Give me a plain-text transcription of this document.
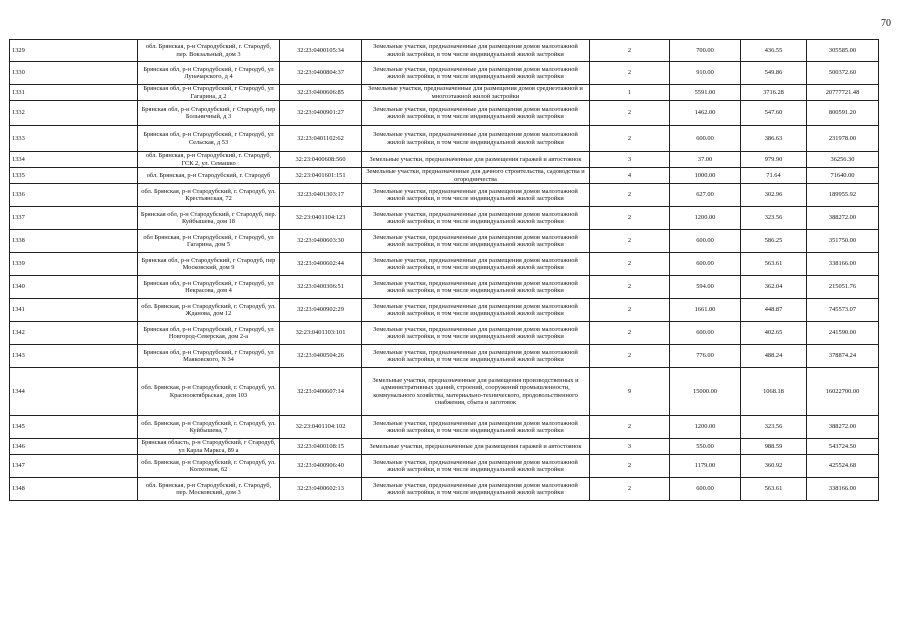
70
1329	обл. Брянская, р-н Стародубский, г. Стародуб, пер. Вокзальный, дом 3	32:23:0400105:34	Земельные участки, предназначенные для размещения домов малоэтажной жилой застройки, в том числе индивидуальной жилой застройки	2	700.00	436.55	305585.00
1330	Брянская обл, р-н Стародубский, г Стародуб, ул Луначарского, д 4	32:23:0400804:37	Земельные участки, предназначенные для размещения домов малоэтажной жилой застройки, в том числе индивидуальной жилой застройки	2	910.00	549.86	500372.60
1331	Брянская обл, р-н Стародубский, г Стародуб, ул Гагарина, д 2	32:23:0400606:85	Земельные участки, предназначенные для размещения домов среднеэтажной и многоэтажной жилой застройки	1	5591.00	3716.28	20777721.48
1332	Брянская обл, р-н Стародубский, г Стародуб, пер Больничный, д 3	32:23:0400901:27	Земельные участки, предназначенные для размещения домов малоэтажной жилой застройки, в том числе индивидуальной жилой застройки	2	1462.00	547.60	800591.20
1333	Брянская обл, р-н Стародубский, г Стародуб, ул Сельская, д 53	32:23:0401102:62	Земельные участки, предназначенные для размещения домов малоэтажной жилой застройки, в том числе индивидуальной жилой застройки	2	600.00	386.63	231978.00
1334	обл. Брянская, р-н Стародубский, г. Стародуб, ГСК 2, ул. Семашко	32:23:0400608:560	Земельные участки, предназначенные для размещения гаражей и автостоянок	3	37.00	979.90	36256.30
1335	обл. Брянская, р-н Стародубский, г. Стародуб	32:23:0401601:151	Земельные участки, предназначенные для дачного строительства, садоводства и огородничества	4	1000.00	71.64	71640.00
1336	обл. Брянская, р-н Стародубский, г. Стародуб, ул. Крестьянская, 72	32:23:0401303:17	Земельные участки, предназначенные для размещения домов малоэтажной жилой застройки, в том числе индивидуальной жилой застройки	2	627.00	302.96	189955.92
1337	Брянская обл, р-н Стародубский, г Стародуб, пер. Куйбышева, дом 18	32:23:0401104:123	Земельные участки, предназначенные для размещения домов малоэтажной жилой застройки, в том числе индивидуальной жилой застройки	2	1200.00	323.56	388272.00
1338	обл Брянская, р-н Стародубский, г Стародуб, ул Гагарина, дом 5	32:23:0400603:30	Земельные участки, предназначенные для размещения домов малоэтажной жилой застройки, в том числе индивидуальной жилой застройки	2	600.00	586.25	351750.00
1339	Брянская обл, р-н Стародубский, г Стародуб, пер Московский, дом 9	32:23:0400602:44	Земельные участки, предназначенные для размещения домов малоэтажной жилой застройки, в том числе индивидуальной жилой застройки	2	600.00	563.61	338166.00
1340	Брянская обл, р-н Стародубский, г Стародуб, ул Некрасова, дом 4	32:23:0400306:51	Земельные участки, предназначенные для размещения домов малоэтажной жилой застройки, в том числе индивидуальной жилой застройки	2	594.00	362.04	215051.76
1341	обл. Брянская, р-н Стародубский, г. Стародуб, ул. Жданова, дом 12	32:23:0400902:29	Земельные участки, предназначенные для размещения домов малоэтажной жилой застройки, в том числе индивидуальной жилой застройки	2	1661.00	448.87	745573.07
1342	Брянская обл, р-н Стародубский, г Стародуб, ул Новгород-Северская, дом 2-а	32:23:0401103:101	Земельные участки, предназначенные для размещения домов малоэтажной жилой застройки, в том числе индивидуальной жилой застройки	2	600.00	402.65	241590.00
1343	Брянская обл, р-н Стародубский, г Стародуб, ул Маяковского, N 34	32:23:0400504:26	Земельные участки, предназначенные для размещения домов малоэтажной жилой застройки, в том числе индивидуальной жилой застройки	2	776.00	488.24	378874.24
1344	обл. Брянская, р-н Стародубский, г. Стародуб, ул. Красноoктябрьская, дом 103	32:23:0400607:14	Земельные участки, предназначенные для размещения производственных и административных зданий, строений, сооружений промышленности, коммунального хозяйства, материально-технического, продовольственного снабжения, сбыта и заготовок	9	15000.00	1068.18	16022700.00
1345	обл. Брянская, р-н Стародубский, г. Стародуб, ул. Куйбышева, 7	32:23:0401104:102	Земельные участки, предназначенные для размещения домов малоэтажной жилой застройки, в том числе индивидуальной жилой застройки	2	1200.00	323.56	388272.00
1346	Брянская область, р-н Стародубский, г Стародуб, ул Карла Маркса, 89 а	32:23:0400108:15	Земельные участки, предназначенные для размещения гаражей и автостоянок	3	550.00	988.59	543724.50
1347	обл. Брянская, р-н Стародубский, г. Стародуб, ул. Колхозная, 62	32:23:0400906:40	Земельные участки, предназначенные для размещения домов малоэтажной жилой застройки, в том числе индивидуальной жилой застройки	2	1179.00	360.92	425524.68
1348	обл. Брянская, р-н Стародубский, г. Стародуб, пер. Московский, дом 3	32:23:0400602:13	Земельные участки, предназначенные для размещения домов малоэтажной жилой застройки, в том числе индивидуальной жилой застройки	2	600.00	563.61	338166.00
